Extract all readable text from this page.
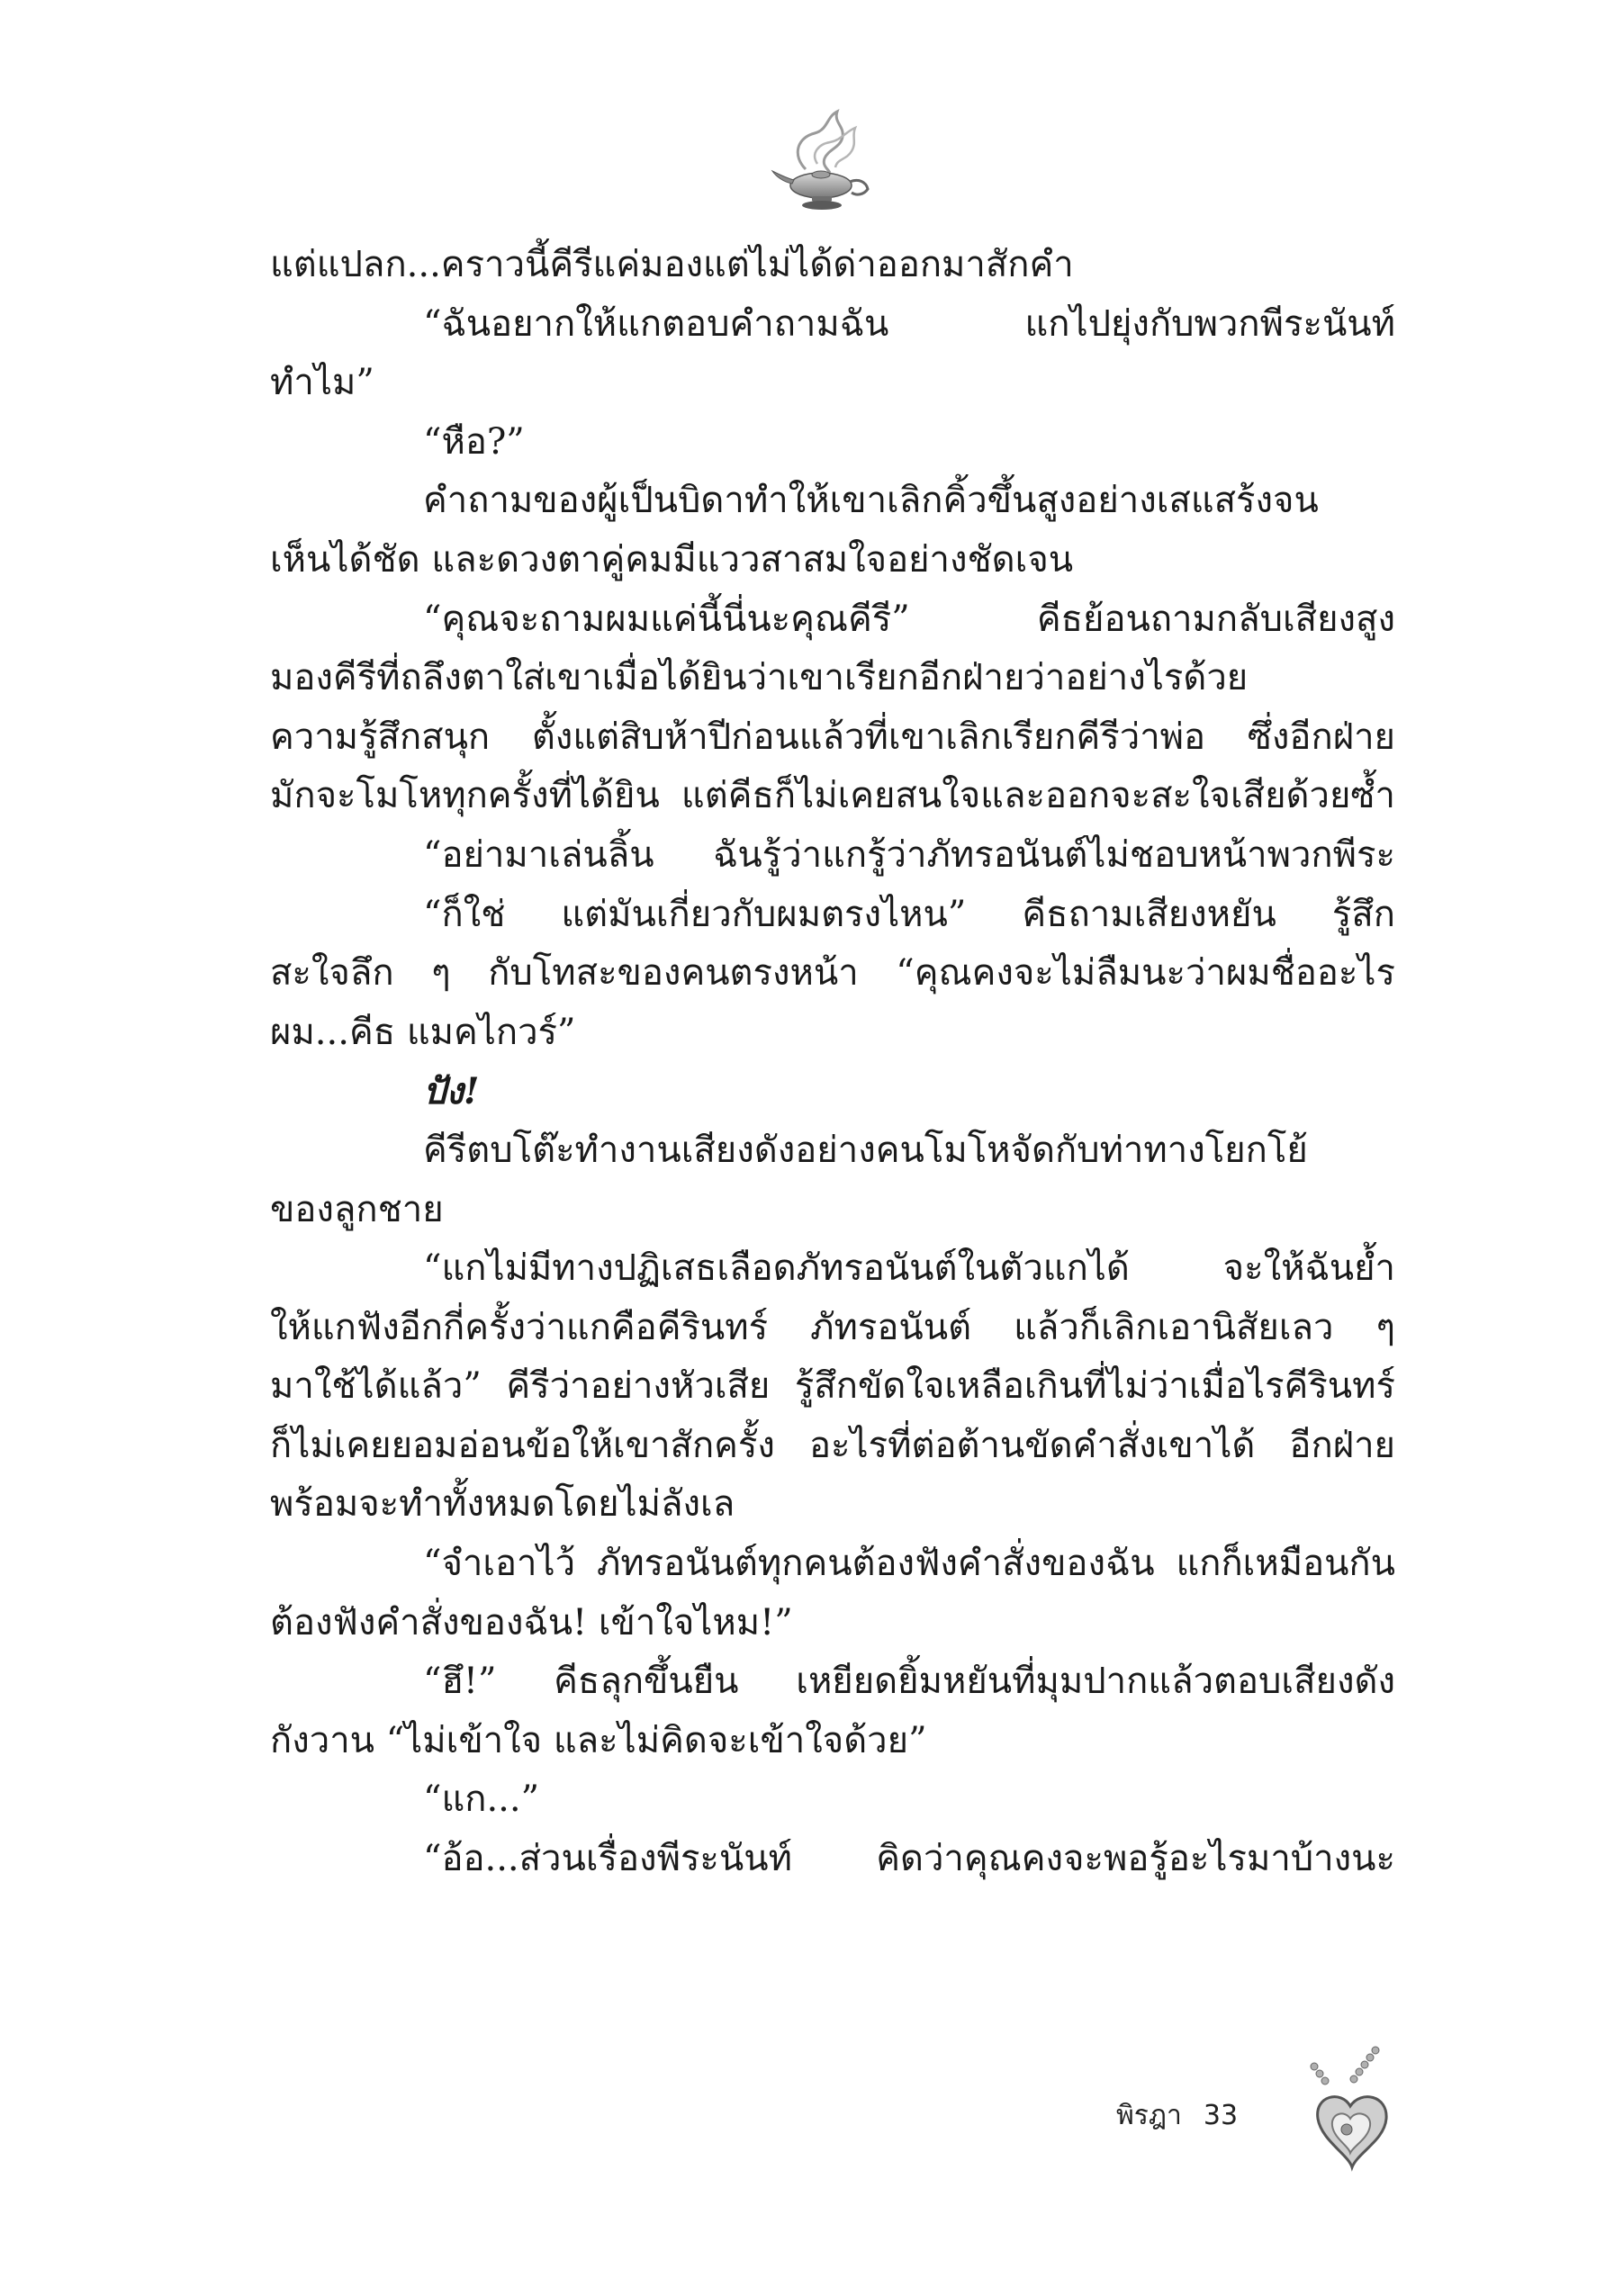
แต่แปลก...คราวนี้คีรีแค่มองแต่ไม่ได้ด่าออกมาสักคำ
“ฉันอยากให้แกตอบคำถามฉัน แกไปยุ่งกับพวกพีระนันท์
ทำไม”
“หือ?”
คำถามของผู้เป็นบิดาทำให้เขาเลิกคิ้วขึ้นสูงอย่างเสแสร้งจน
เห็นได้ชัด และดวงตาคู่คมมีแววสาสมใจอย่างชัดเจน
“คุณจะถามผมแค่นี้นี่นะคุณคีรี” คีธย้อนถามกลับเสียงสูง
มองคีรีที่ถลึงตาใส่เขาเมื่อได้ยินว่าเขาเรียกอีกฝ่ายว่าอย่างไรด้วย
ความรู้สึกสนุก ตั้งแต่สิบห้าปีก่อนแล้วที่เขาเลิกเรียกคีรีว่าพ่อ ซึ่งอีกฝ่าย
มักจะโมโหทุกครั้งที่ได้ยิน แต่คีธก็ไม่เคยสนใจและออกจะสะใจเสียด้วยซ้ำ
“อย่ามาเล่นลิ้น ฉันรู้ว่าแกรู้ว่าภัทรอนันต์ไม่ชอบหน้าพวกพีระ
“ก็ใช่ แต่มันเกี่ยวกับผมตรงไหน” คีธถามเสียงหยัน รู้สึก
สะใจลึก ๆ กับโทสะของคนตรงหน้า “คุณคงจะไม่ลืมนะว่าผมชื่ออะไร
ผม...คีธ แมคไกวร์”
ปัง!
คีรีตบโต๊ะทำงานเสียงดังอย่างคนโมโหจัดกับท่าทางโยกโย้
ของลูกชาย
“แกไม่มีทางปฏิเสธเลือดภัทรอนันต์ในตัวแกได้ จะให้ฉันย้ำ
ให้แกฟังอีกกี่ครั้งว่าแกคือคีรินทร์ ภัทรอนันต์ แล้วก็เลิกเอานิสัยเลว ๆ
มาใช้ได้แล้ว” คีรีว่าอย่างหัวเสีย รู้สึกขัดใจเหลือเกินที่ไม่ว่าเมื่อไรคีรินทร์
ก็ไม่เคยยอมอ่อนข้อให้เขาสักครั้ง อะไรที่ต่อต้านขัดคำสั่งเขาได้ อีกฝ่าย
พร้อมจะทำทั้งหมดโดยไม่ลังเล
“จำเอาไว้ ภัทรอนันต์ทุกคนต้องฟังคำสั่งของฉัน แกก็เหมือนกัน
ต้องฟังคำสั่งของฉัน! เข้าใจไหม!”
“ฮึ!” คีธลุกขึ้นยืน เหยียดยิ้มหยันที่มุมปากแล้วตอบเสียงดัง
กังวาน “ไม่เข้าใจ และไม่คิดจะเข้าใจด้วย”
“แก...”
“อ้อ...ส่วนเรื่องพีระนันท์ คิดว่าคุณคงจะพอรู้อะไรมาบ้างนะ
พิรฎา 33
